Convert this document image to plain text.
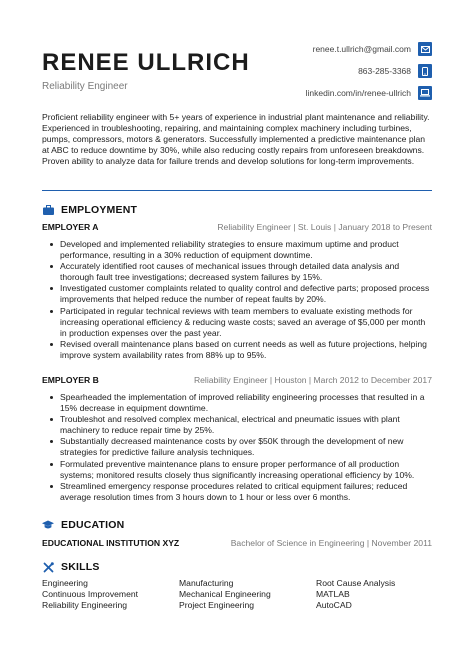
RENEE ULLRICH
Reliability Engineer
renee.t.ullrich@gmail.com
863-285-3368
linkedin.com/in/renee-ullrich
Proficient reliability engineer with 5+ years of experience in industrial plant maintenance and reliability. Experienced in troubleshooting, repairing, and maintaining complex machinery including turbines, pumps, compressors, motors & generators. Successfully implemented a predictive maintenance plan at ABC to reduce downtime by 30%, while also reducing costly repairs from unforeseen breakdowns. Proven ability to analyze data for failure trends and develop solutions for long-term improvements.
EMPLOYMENT
EMPLOYER A	Reliability Engineer | St. Louis | January 2018 to Present
Developed and implemented reliability strategies to ensure maximum uptime and product performance, resulting in a 30% reduction of equipment downtime.
Accurately identified root causes of mechanical issues through detailed data analysis and thorough fault tree investigations; decreased system failures by 15%.
Investigated customer complaints related to quality control and defective parts; proposed process improvements that helped reduce the number of repeat faults by 20%.
Participated in regular technical reviews with team members to evaluate existing methods for increasing operational efficiency & reducing waste costs; saved an average of $5,000 per month in production expenses over the past year.
Revised overall maintenance plans based on current needs as well as future projections, helping improve system availability rates from 88% up to 95%.
EMPLOYER B	Reliability Engineer | Houston | March 2012 to December 2017
Spearheaded the implementation of improved reliability engineering processes that resulted in a 15% decrease in equipment downtime.
Troubleshot and resolved complex mechanical, electrical and pneumatic issues with plant machinery to reduce repair time by 25%.
Substantially decreased maintenance costs by over $50K through the development of new strategies for predictive failure analysis techniques.
Formulated preventive maintenance plans to ensure proper performance of all production systems; monitored results closely thus significantly increasing operational efficiency by 10%.
Streamlined emergency response procedures related to critical equipment failures; reduced average resolution times from 3 hours down to 1 hour or less over 6 months.
EDUCATION
EDUCATIONAL INSTITUTION XYZ	Bachelor of Science in Engineering | November 2011
SKILLS
Engineering	Manufacturing	Root Cause Analysis
Continuous Improvement	Mechanical Engineering	MATLAB
Reliability Engineering	Project Engineering	AutoCAD
